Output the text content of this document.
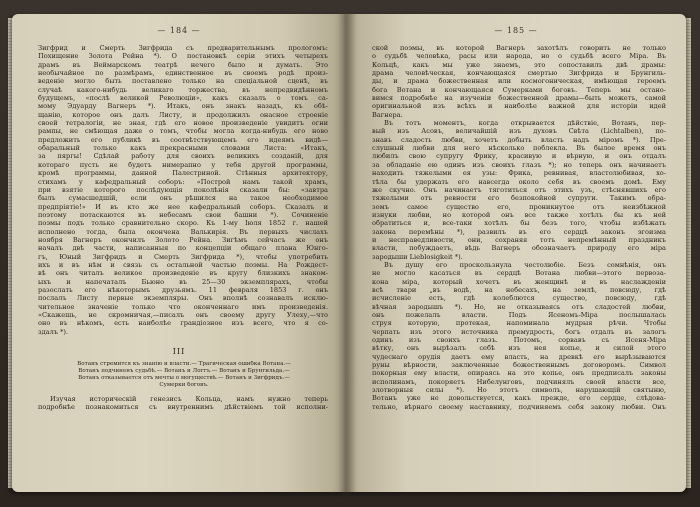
— 184 —
Зигфрид и Смерть Зигфрида съ предварительнымъ прологомъ:
Похищение Золота Рейна *). О постановкѣ серіи этихъ четырехъ
драмъ въ Веймарскомъ театрѣ нечего было и думать. Это
необычайное по размѣрамъ, единственное въ своемъ родѣ произ-
веденіе могло быть поставлено только на спеціальной сценѣ, въ
случаѣ какого-нибудь великаго торжества, въ непредвидѣнномъ
будущемъ, «послѣ великой Революціи», какъ сказалъ о томъ са-
мому Эдуарду Вагнеръ *). Итакъ, онъ знакъ назадъ, къ обѣ-
щанію, которое онъ далъ Листу, и продолжилъ онасное строеніе
своей тетралогіи, не зная, гдѣ его новое произведеніе увидитъ огни
рампы, не смѣющая даже о томъ, чтобы могла когда-нибудь его ново
предложить его публикѣ въ соотвѣтствующемъ его идеямъ видѣ—
обаральный только какъ прекрасными словами Листа: «Итакъ,
за пяргы! Сдѣлай работу для своихъ великихъ созданій, для
котораго пусть не будетъ нимерапно у тебя другой программы,
кромѣ программы, данной Палестриной. Стѣнныя архитектору,
стихамъ у кафедральный соборъ: «Построй намъ такой храмъ,
при взятіе которого послѣдующія поколѣнія сказали бы: «завтра
былъ сумасшедшій, если онъ рѣшился на такое необходимое
предпріятіе!» И въ кто же нее кафедральный соборъ. Сказалъ и
поэтому потаскаются въ небесамъ свои башни *). Сочиненіе
поэмы подъ только сравнительно скоро. Къ 1-му Іюля 1852 г. нашей
исполнено тогда, была окончена Валькирія. Въ первыхъ числахъ
ноября Вагнеръ окончилъ Золото Рейна. Зигѣмъ сейчасъ же онъ
началъ двѣ части, написанныя по концепціи общаго плана Юнго-
гъ, Юный Зигфридъ и Смерть Зигфрида *), чтобы употребить
ихъ и въ нѣм и связь съ остальной частью поэмы. На Рождест-
вѣ онъ читалъ великое произведеніе въ кругу близкихъ знаком-
ыхъ и напечаталъ Бьюно въ 25—30 экземплярахъ, чтобы
разослать его нѣкоторымъ друзьямъ. 11 февраля 1853 г. онъ
послалъ Листу первые экземпляры. Онъ вполнѣ сознавалъ исклю-
чительное значеніе только что оконченнаго имъ произведенія.
«Скажешь, не скромничая,—писалъ онъ своему другу Улеху,—что
оно въ нѣкомъ, есть наиболѣе грандіозное изъ всего, что я со-
здалъ *).
III
Вотанъ стремится къ знанію и власти.— Трагическая ошибка Вотана.—
Вотанъ подчиненъ судьбѣ.— Вотанъ и Логгъ.— Вотанъ и Брунгильда.—
Вотанъ отказывается отъ мечты о могуществѣ.— Вотанъ и Зигфридъ.—
Сумерки боговъ.
Изучая историческій генезисъ Кольца, намъ нужно теперь
подробнѣе познакомиться съ внутреннимъ дѣйствіемъ той исполни-
— 185 —
ской поэмы, въ которой Вагнеръ захотѣлъ говорить не только
о судьбѣ человѣка, расы или народа, но о судьбѣ всего Міра. Въ
Кольцѣ, какъ мы уже знаемъ, это сопоставилъ двѣ драмы:
драма человѣческая, кончающаяся смертью Зигфрида и Брунгиль-
ды, и драма божественная или космогоническая, имѣющая героемъ
бога Вотана и кончающаяся Сумерками боговъ. Теперь мы остано-
вимся подробнѣе на изученіи божественной драмы—быть можетъ, самой
оригинальной изъ всѣхъ и наиболѣе важной для исторіи идей
Вагнера.
Въ тотъ моментъ, когда открывается дѣйствіе, Вотанъ, пер-
вый изъ Асовъ, величайшій изъ духовъ Свѣта (Lichtalben), по-
знавъ сладость любви, хочетъ добыть власть надъ міромъ *). Пре-
слушный любви для него нѣсколько поблекла. Въ былое время онъ
любилъ свою супругу Фрику, красивую и вѣрную, и онъ отдалъ
за обладаніе ею одинъ изъ своихъ глазъ *); но теперь онъ начинаетъ
находить тяжелыми ея узы: Фрика, ревнивая, властолюбивая, хо-
тѣла бы удержать его навсегда около себя въ своемъ домѣ. Ему
же скучно. Онъ начинаетъ тяготиться отъ этихъ узъ, стѣснявшихъ его
тяжелыми отъ ревности его безпокойной супруги. Такимъ обра-
зомъ самое существо его, проникнутое отъ неизбѣжной
изнуки любви, но которой онъ все также хотѣлъ бы къ ней
обратиться и, все-таки хотѣлъ бы безъ того, чтобы избѣжать
закона перемѣны *), развилъ въ его сердцѣ законъ эгоизма
и несправедливости, они, сохраняя тотъ непремѣнный праздникъ
власти, побуждаетъ, вѣдь Вагнеръ обозначаетъ природу его міра
зародыши Lieblosigkeit *).
Въ душу его проскользнула честолюбіе. Безъ сомнѣнія, онъ
не могло касаться въ сердцѣ Вотана любви—этого первоза-
кона міра, который хочетъ въ женщинѣ и въ наслажденіи
всѣ твари „въ водѣ, на небесахъ, на землѣ, повсюду, гдѣ
исчисленіе есть, гдѣ колеблются существо, повсюду, гдѣ
вѣчная зародышъ *). Но, не отказываясь отъ сладостей любви,
онъ пожелалъ власти. Подъ Ясеномъ-Міра послышалась
струя которую, протекая, напоминала мудрыя рѣчи. Чтобы
черпать изъ этого источника премудрость, богъ отдалъ въ залогъ
одинъ изъ своихъ глазъ. Потомъ, сорвавъ съ Ясеня-Міра
вѣтку, онъ вырѣзалъ себѣ изъ нея копье, и силой этого
чудеснаго орудія даетъ ему власть, на древкѣ его вырѣзываются
руны вѣрности, заключенные божественнымъ договоромъ. Символ
покорныя ему власти, опираясь на это копье, онъ предписалъ законы
исполинамъ, покоряетъ Нибелунговъ, подчинялъ своей власти все,
злотворныя силы *). Но этотъ символъ, нарушающій святыню,
Вотанъ уже не довольствуется, какъ прежде, его сердце, слѣдова-
тельно, вѣрнаго своему наставнику, подчиняемъ себя закону любви. Онъ
